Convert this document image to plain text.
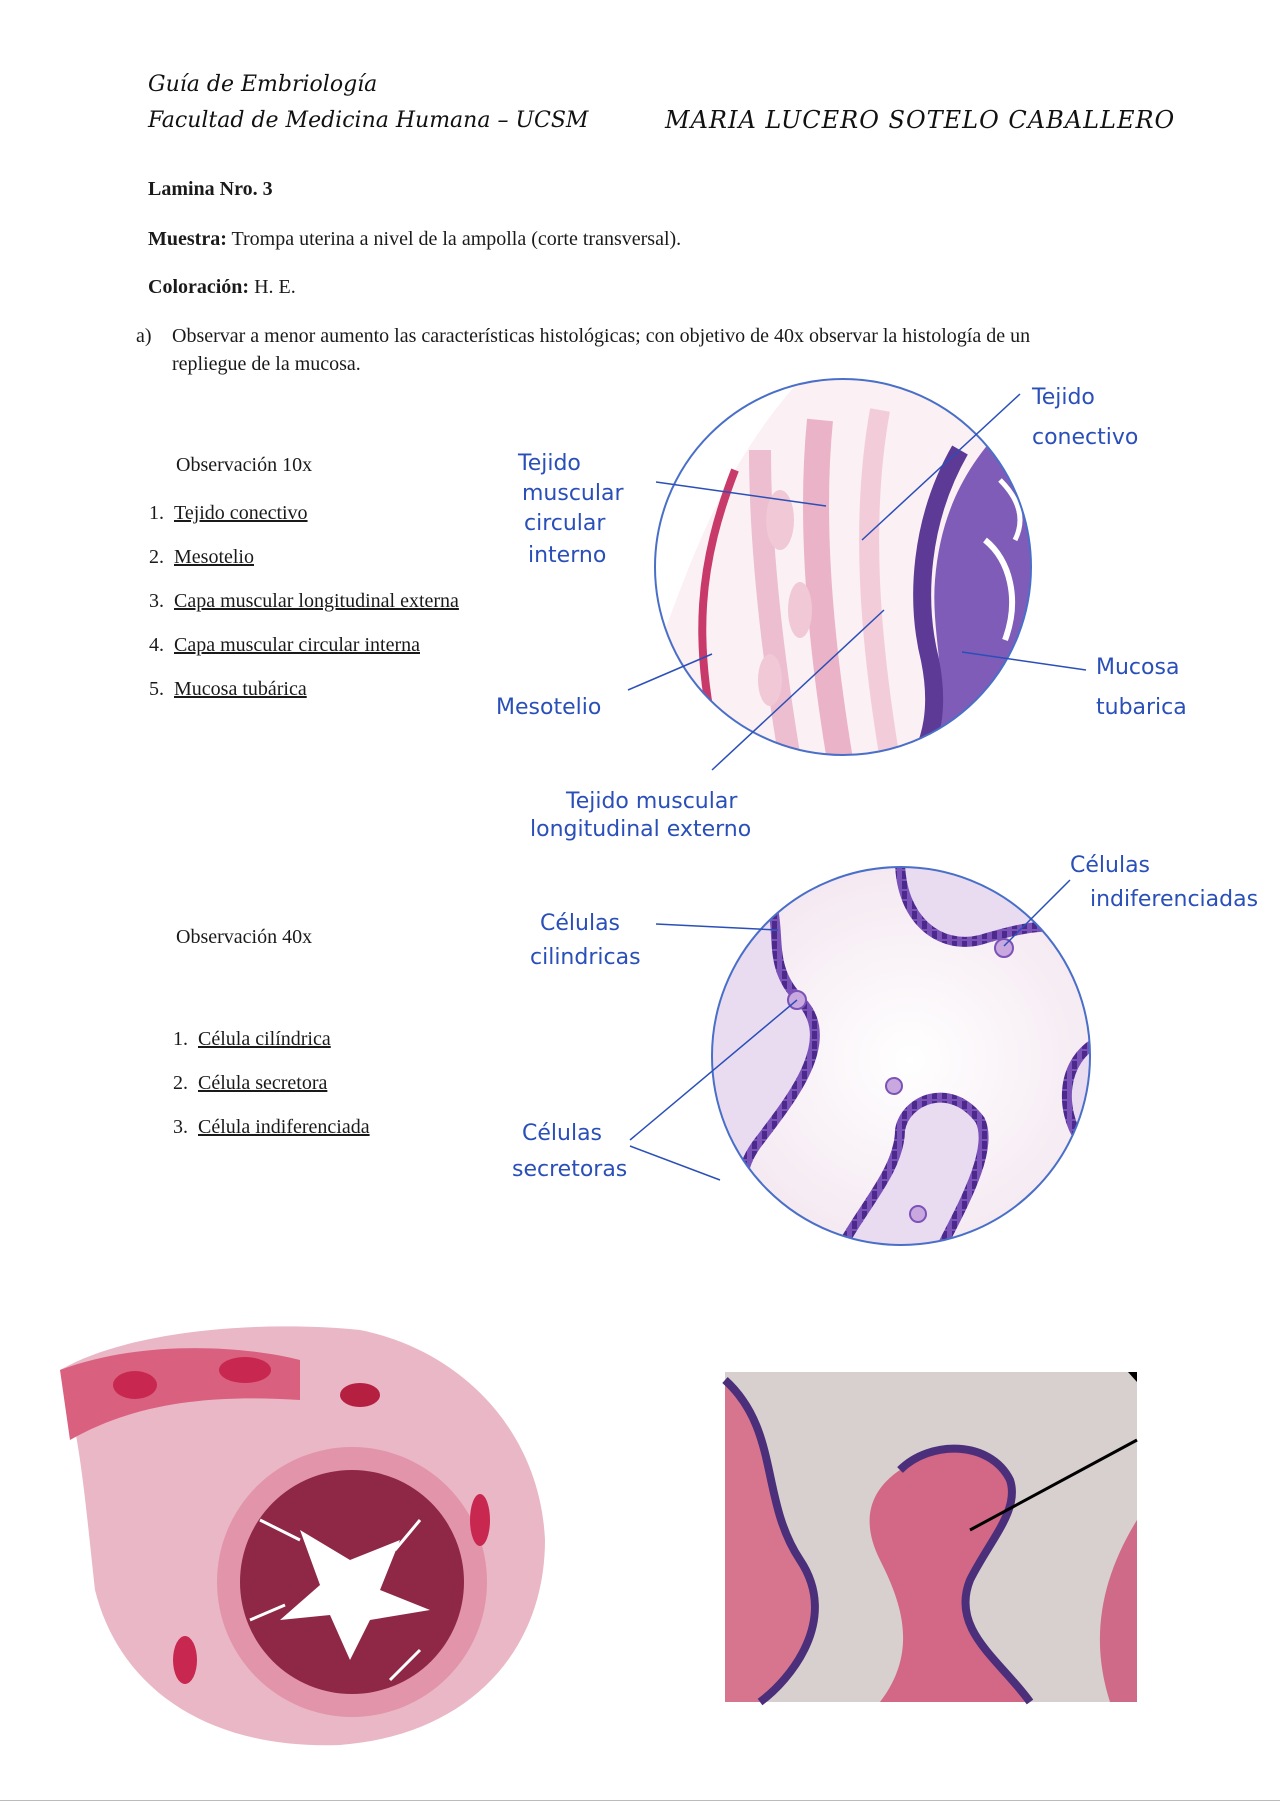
Guía de Embriología
Facultad de Medicina Humana – UCSM	MARIA LUCERO SOTELO CABALLERO
Lamina Nro. 3
Muestra: Trompa uterina a nivel de la ampolla (corte transversal).
Coloración: H. E.
a) Observar a menor aumento las características histológicas; con objetivo de 40x observar la histología de un repliegue de la mucosa.
Observación 10x
1. Tejido conectivo
2. Mesotelio
3. Capa muscular longitudinal externa
4. Capa muscular circular interna
5. Mucosa tubárica
Observación 40x
1. Célula cilíndrica
2. Célula secretora
3. Célula indiferenciada
Tejido
conectivo
Tejido
muscular
circular
interno
Mesotelio
Mucosa
tubarica
Tejido muscular
longitudinal externo
Células
cilindricas
Células
indiferenciadas
Células
secretoras
